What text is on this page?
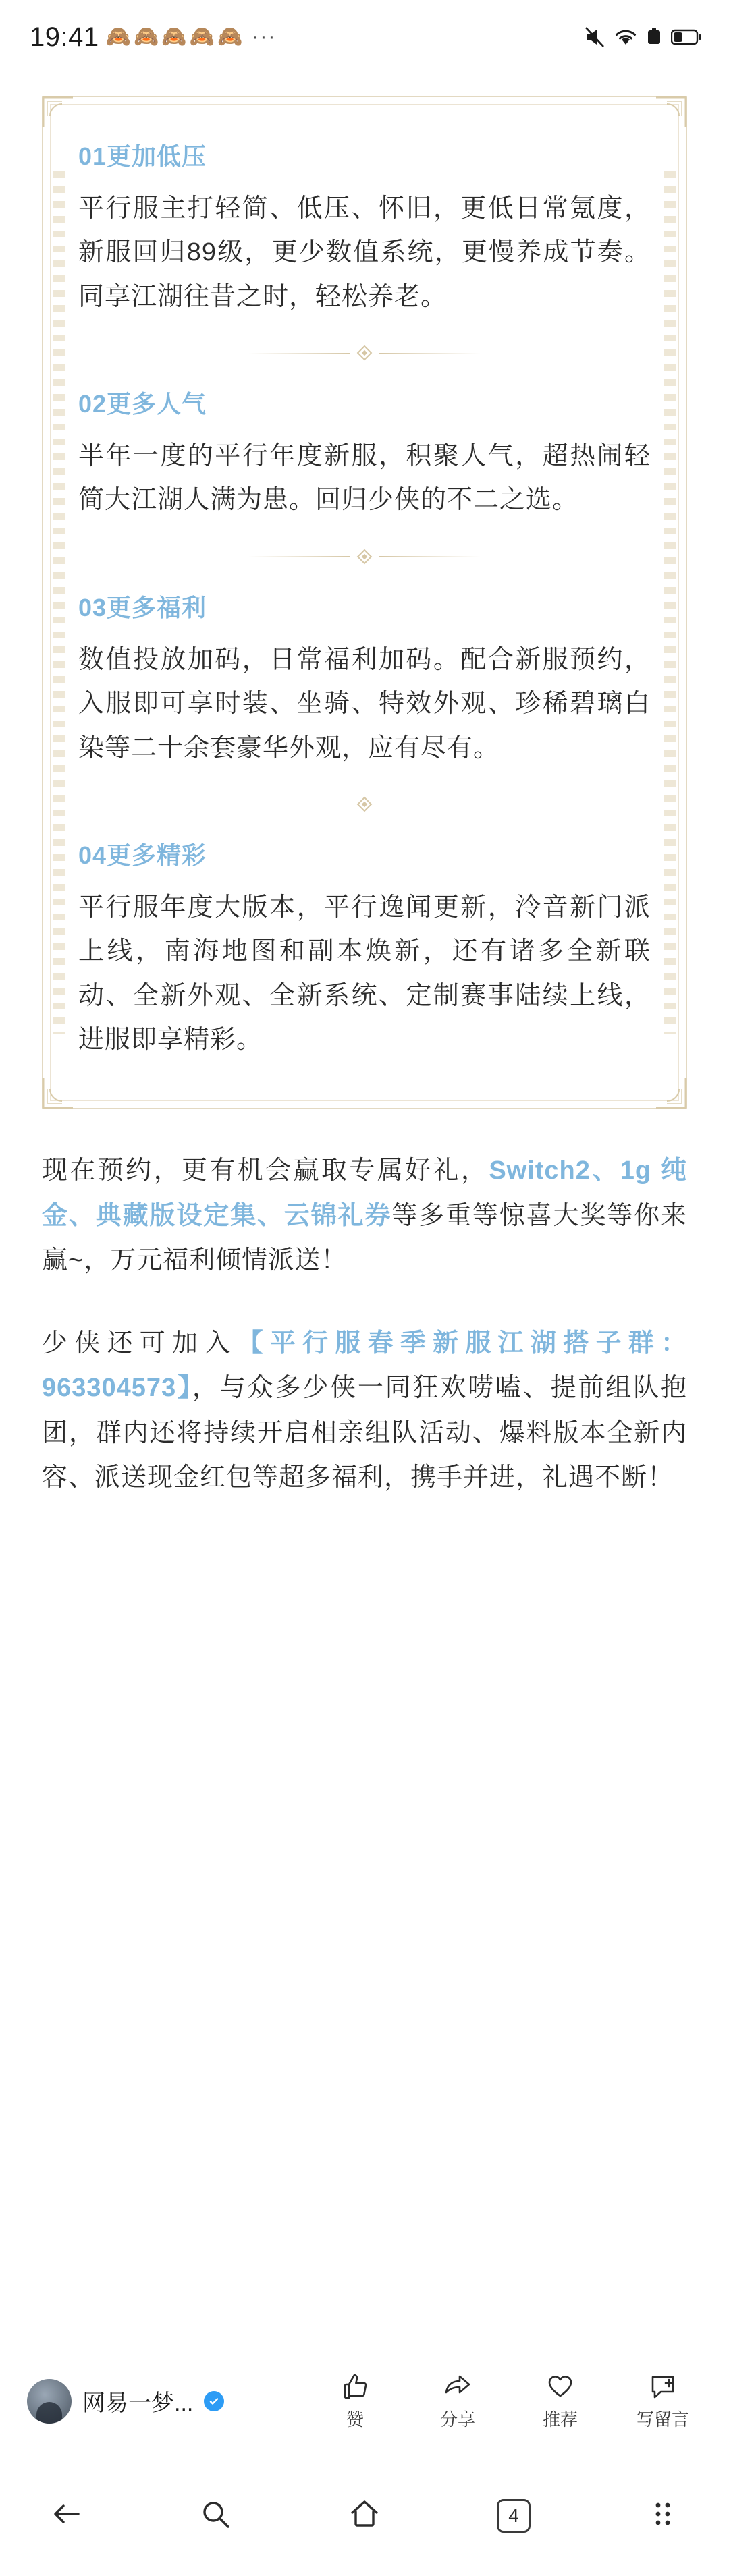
19:41 🙈 🙈 🙈 🙈 🙈 ···
01更加低压
平行服主打轻简、低压、怀旧，更低日常氪度，新服回归89级，更少数值系统，更慢养成节奏。同享江湖往昔之时，轻松养老。
02更多人气
半年一度的平行年度新服，积聚人气，超热闹轻简大江湖人满为患。回归少侠的不二之选。
03更多福利
数值投放加码，日常福利加码。配合新服预约，入服即可享时装、坐骑、特效外观、珍稀碧璃白染等二十余套豪华外观，应有尽有。
04更多精彩
平行服年度大版本，平行逸闻更新，泠音新门派上线，南海地图和副本焕新，还有诸多全新联动、全新外观、全新系统、定制赛事陆续上线，进服即享精彩。
现在预约，更有机会赢取专属好礼，Switch2、1g 纯金、典藏版设定集、云锦礼券等多重等惊喜大奖等你来赢~，万元福利倾情派送！
少侠还可加入【平行服春季新服江湖搭子群：963304573】，与众多少侠一同狂欢唠嗑、提前组队抱团，群内还将持续开启相亲组队活动、爆料版本全新内容、派送现金红包等超多福利，携手并进，礼遇不断！
网易一梦...
赞	分享	推荐	写留言
4
